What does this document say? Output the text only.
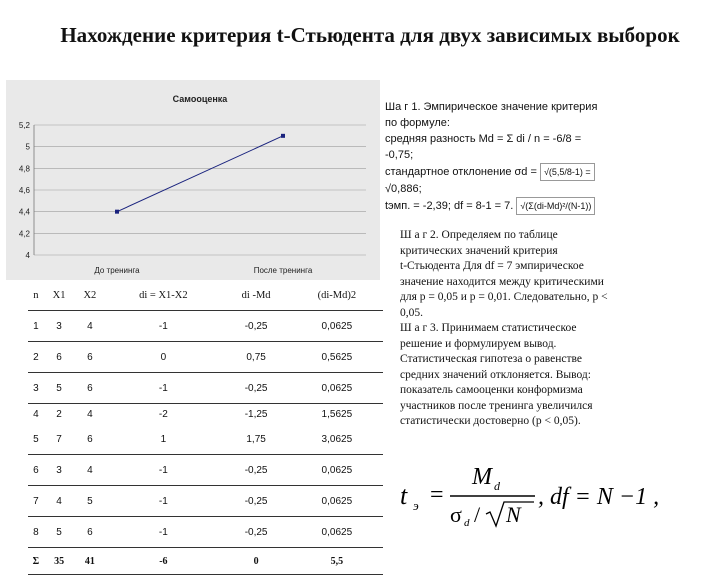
Нахождение критерия t-Стьюдента для двух зависимых выборок
Самооценка
4
4,2
4,4
4,6
4,8
5
5,2
До тренинга	После тренинга
Ша г 1. Эмпирическое значение критерия
по формуле:
средняя разность Md = Σ di / n = -6/8 =
-0,75;
стандартное отклонение σd = √(5,5/8-1) =
√0,886;
tэмп. = -2,39; df = 8-1 = 7. √(Σ(di-Md)²/(N-1))
Ш а г 2. Определяем по таблице
критических значений критерия
t-Стьюдента Для df = 7 эмпирическое
значение находится между критическими
для p = 0,05 и p = 0,01. Следовательно, p <
0,05.
Ш а г 3. Принимаем статистическое
решение и формулируем вывод.
Статистическая гипотеза о равенстве
средних значений отклоняется. Вывод:
показатель самооценки конформизма
участников после тренинга увеличился
статистически достоверно (p < 0,05).
n	X1	X2	di = X1-X2	di -Md	(di-Md)2
1	3	4	-1	-0,25	0,0625
2	6	6	0	0,75	0,5625
3	5	6	-1	-0,25	0,0625
4	2	4	-2	-1,25	1,5625
5	7	6	1	1,75	3,0625
6	3	4	-1	-0,25	0,0625
7	4	5	-1	-0,25	0,0625
8	5	6	-1	-0,25	0,0625
Σ	35	41	-6	0	5,5
t э =
M d
σ d / N
, df = N −1 ,
